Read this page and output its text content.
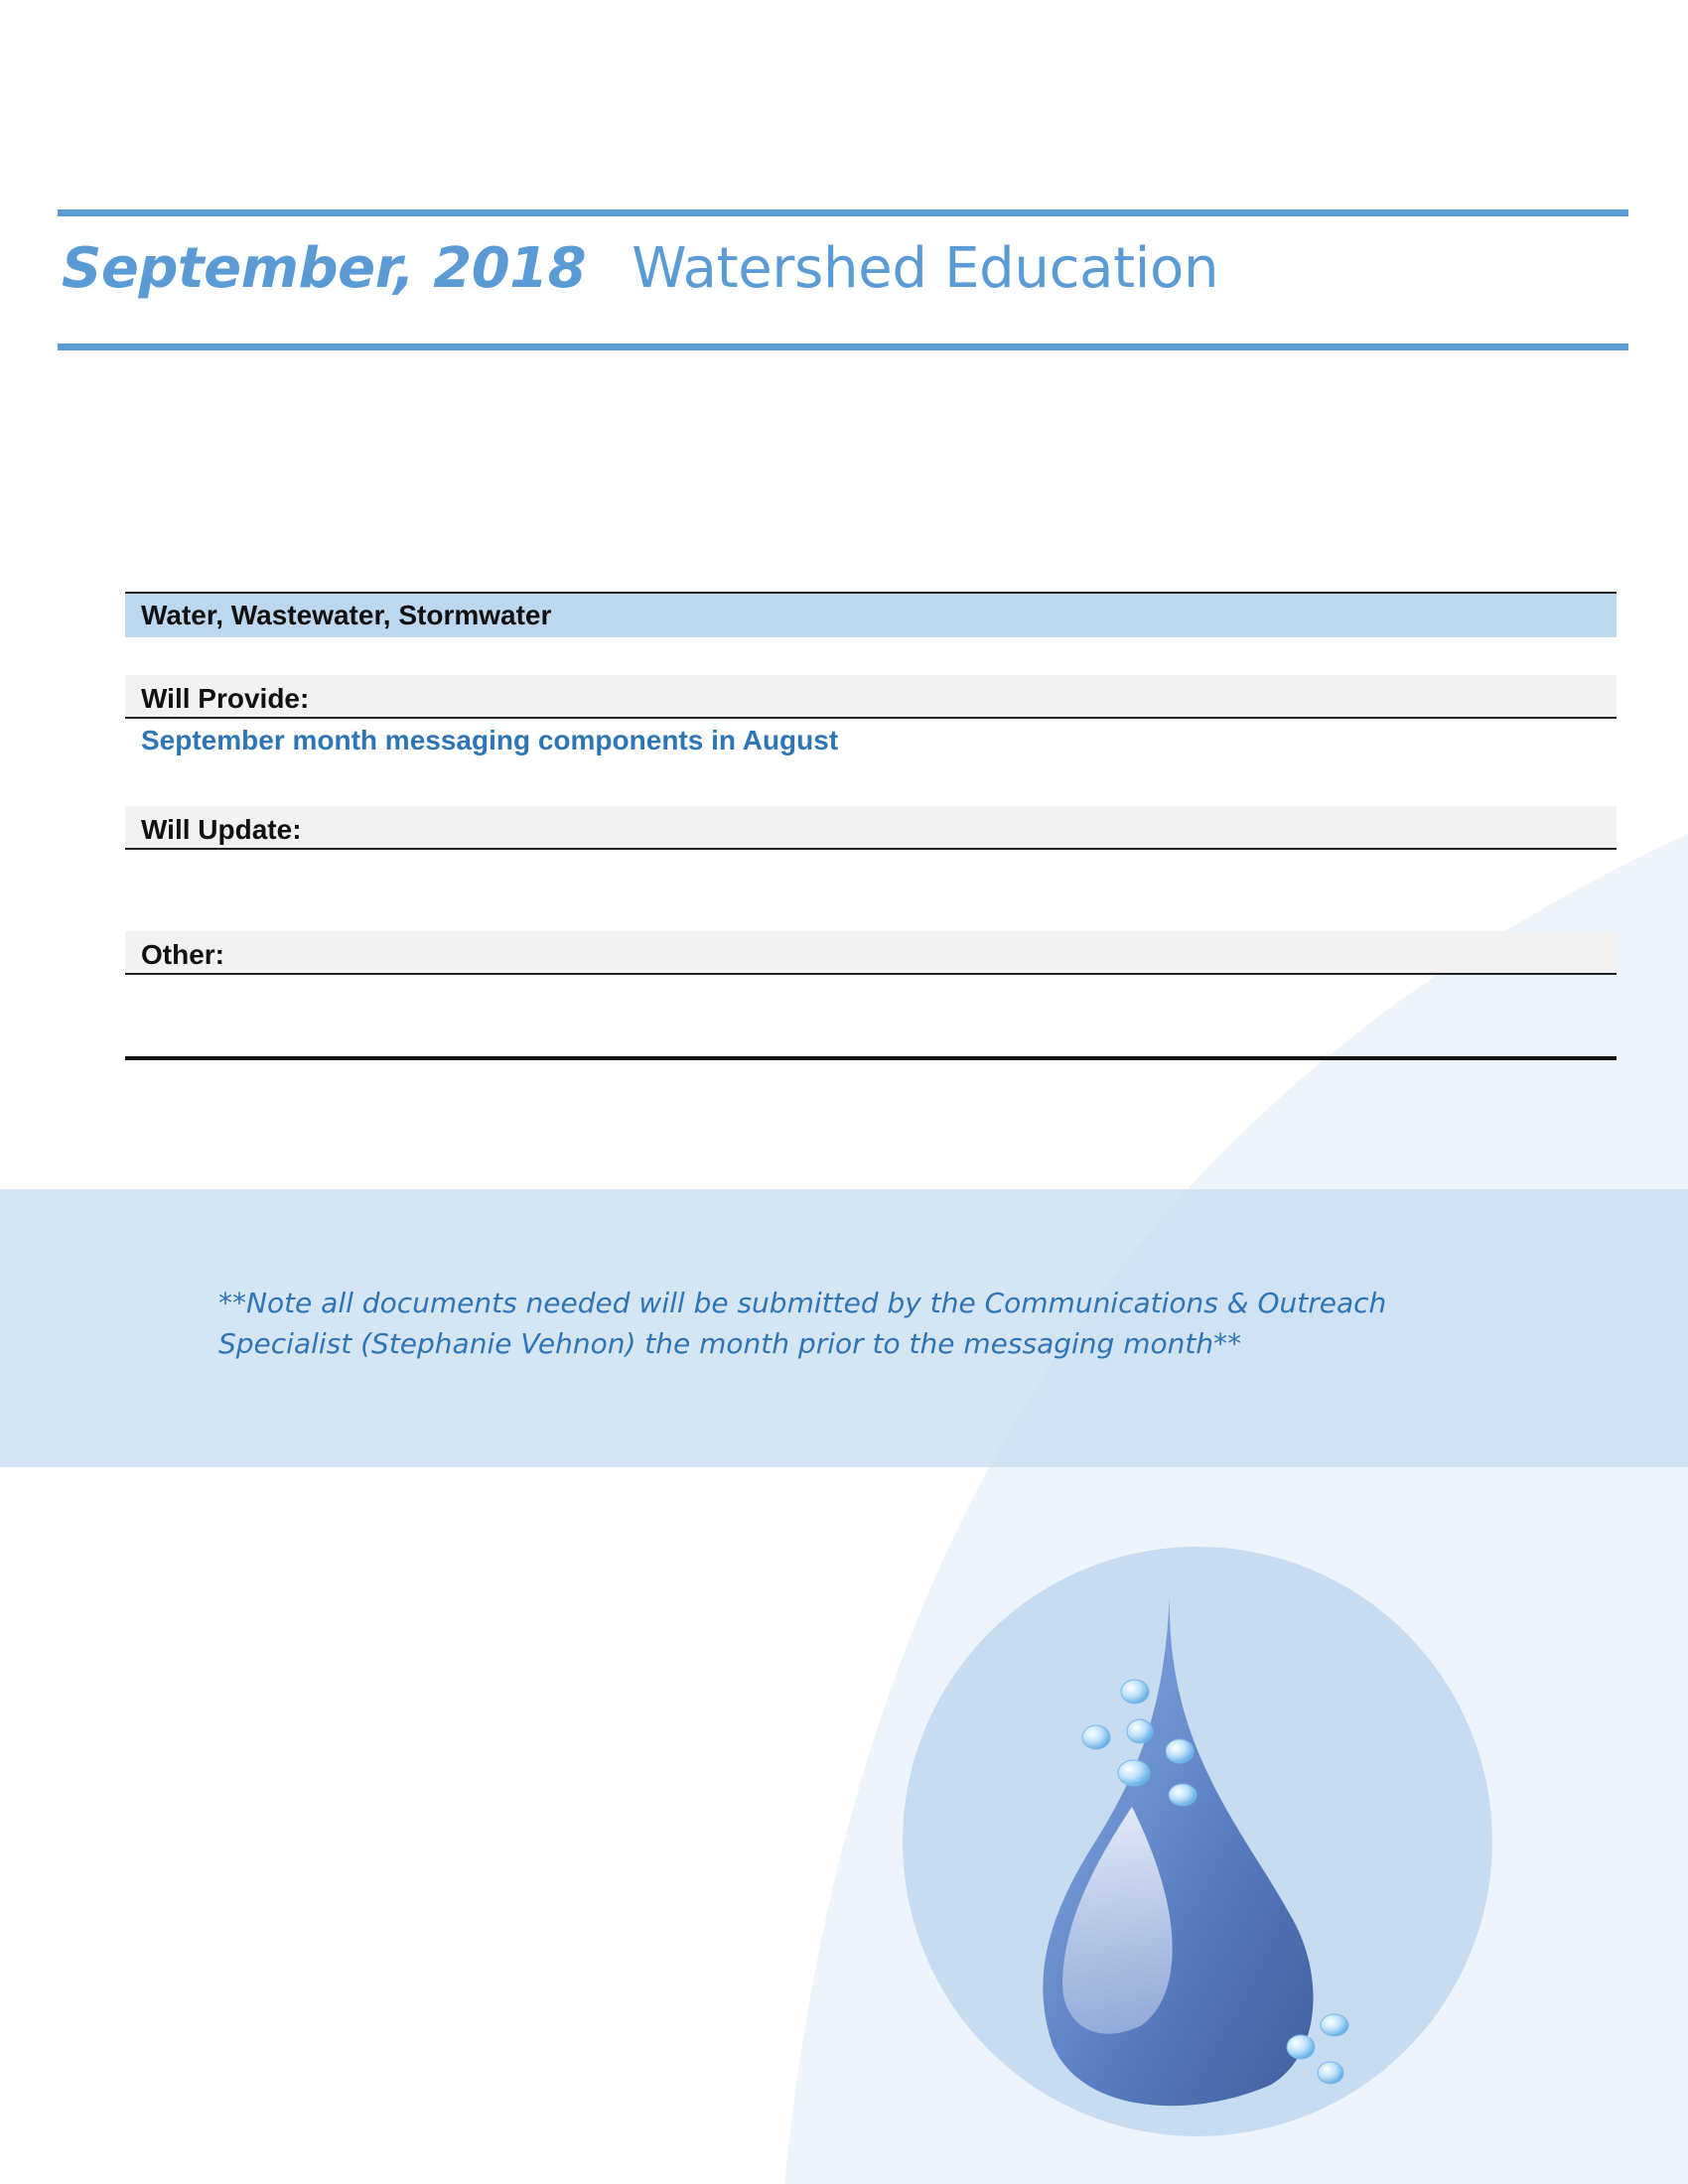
September, 2018 Watershed Education
Water, Wastewater, Stormwater
Will Provide:
September month messaging components in August
Will Update:
Other:
**Note all documents needed will be submitted by the Communications & Outreach
Specialist (Stephanie Vehnon) the month prior to the messaging month**
